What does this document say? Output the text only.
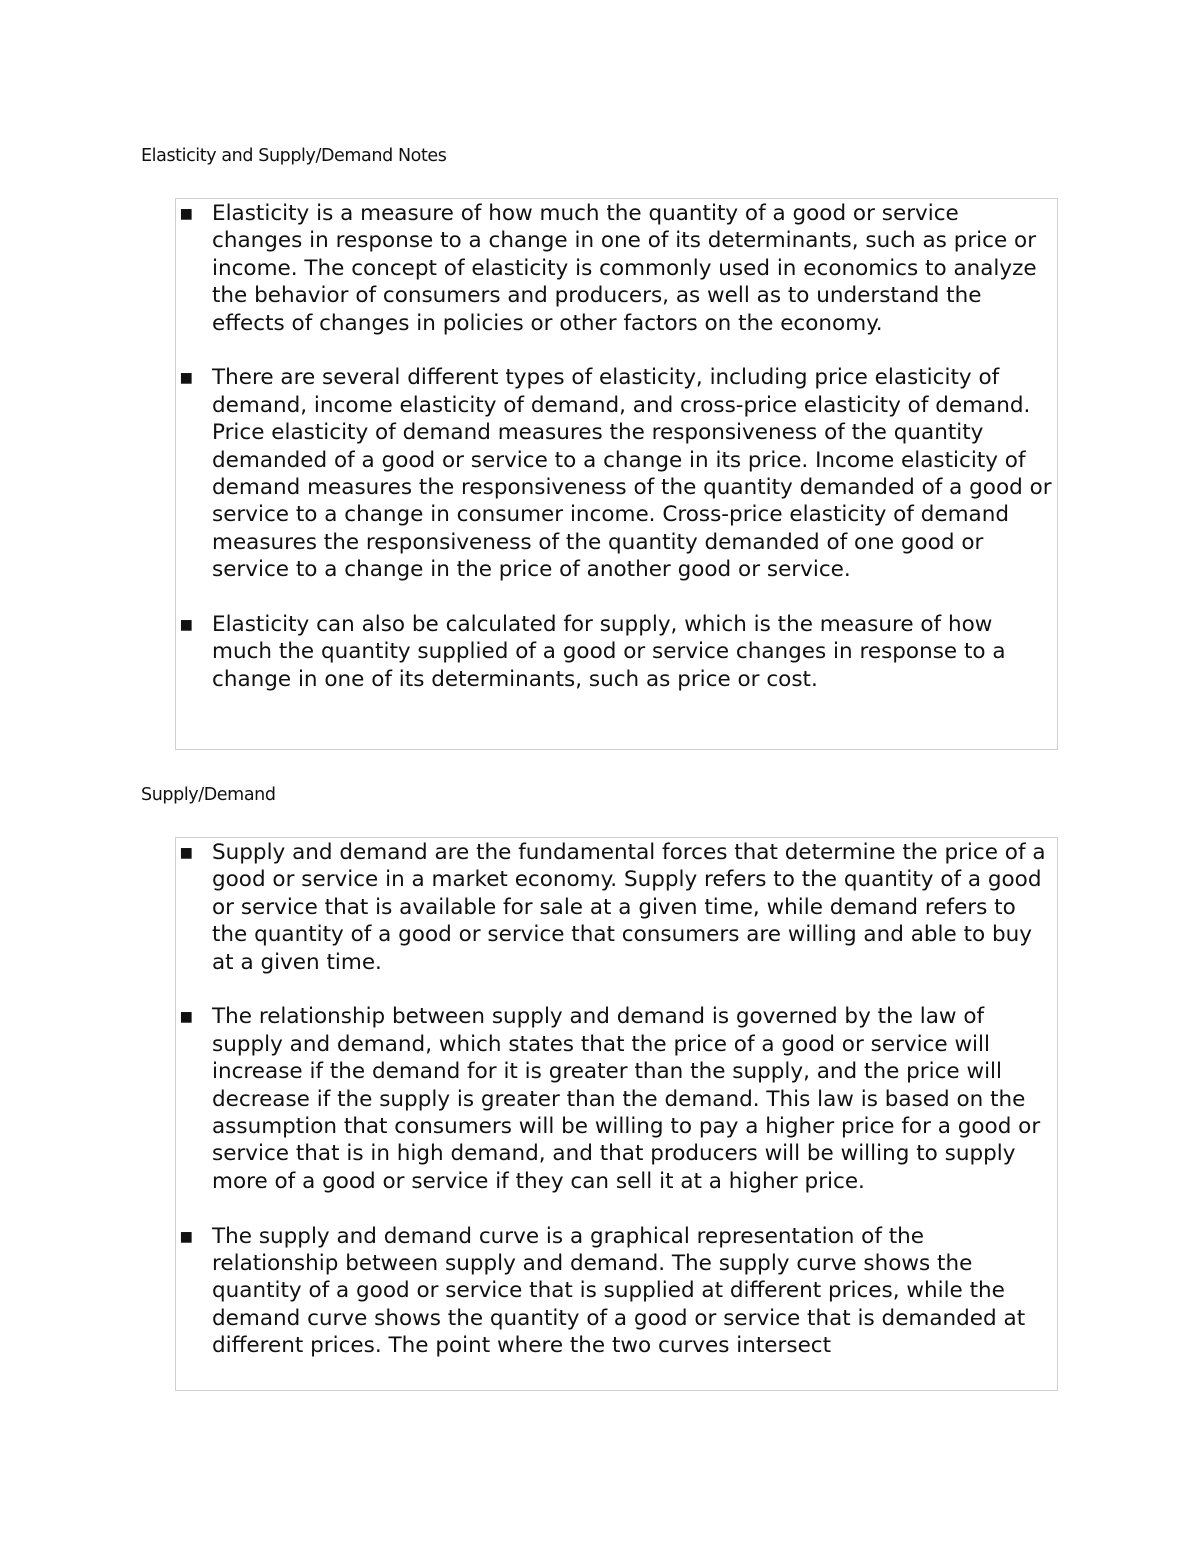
Elasticity and Supply/Demand Notes
▪ Elasticity is a measure of how much the quantity of a good or service changes in response to a change in one of its determinants, such as price or income. The concept of elasticity is commonly used in economics to analyze the behavior of consumers and producers, as well as to understand the effects of changes in policies or other factors on the economy.
▪ There are several different types of elasticity, including price elasticity of demand, income elasticity of demand, and cross-price elasticity of demand. Price elasticity of demand measures the responsiveness of the quantity demanded of a good or service to a change in its price. Income elasticity of demand measures the responsiveness of the quantity demanded of a good or service to a change in consumer income. Cross-price elasticity of demand measures the responsiveness of the quantity demanded of one good or service to a change in the price of another good or service.
▪ Elasticity can also be calculated for supply, which is the measure of how much the quantity supplied of a good or service changes in response to a change in one of its determinants, such as price or cost.
Supply/Demand
▪ Supply and demand are the fundamental forces that determine the price of a good or service in a market economy. Supply refers to the quantity of a good or service that is available for sale at a given time, while demand refers to the quantity of a good or service that consumers are willing and able to buy at a given time.
▪ The relationship between supply and demand is governed by the law of supply and demand, which states that the price of a good or service will increase if the demand for it is greater than the supply, and the price will decrease if the supply is greater than the demand. This law is based on the assumption that consumers will be willing to pay a higher price for a good or service that is in high demand, and that producers will be willing to supply more of a good or service if they can sell it at a higher price.
▪ The supply and demand curve is a graphical representation of the relationship between supply and demand. The supply curve shows the quantity of a good or service that is supplied at different prices, while the demand curve shows the quantity of a good or service that is demanded at different prices. The point where the two curves intersect
